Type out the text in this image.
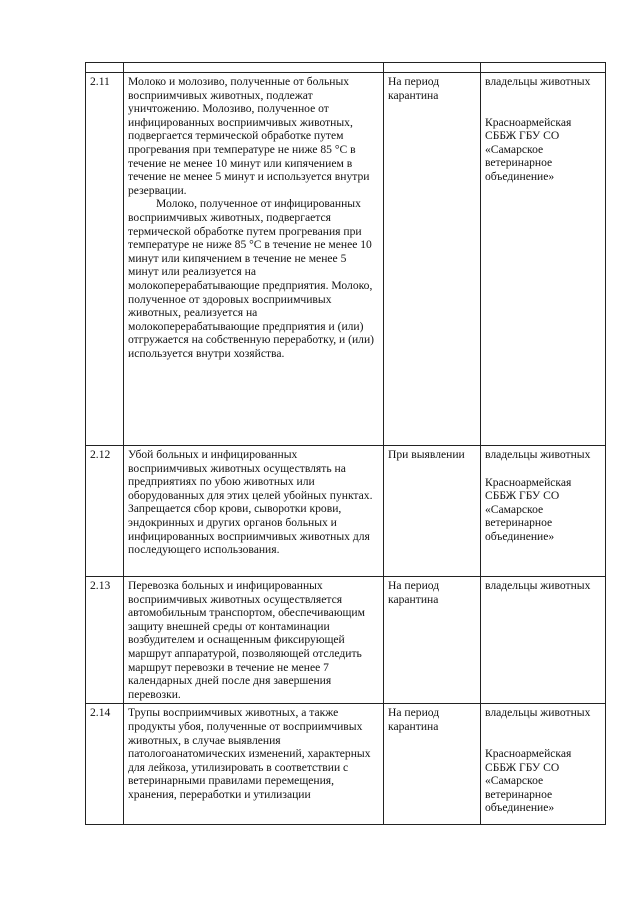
2.11	Молоко и молозиво, полученные от больных восприимчивых животных, подлежат уничтожению. Молозиво, полученное от инфицированных восприимчивых животных, подвергается термической обработке путем прогревания при температуре не ниже 85 °С в течение не менее 10 минут или кипячением в течение не менее 5 минут и используется внутри резервации.
Молоко, полученное от инфицированных восприимчивых животных, подвергается термической обработке путем прогревания при температуре не ниже 85 °С в течение не менее 10 минут или кипячением в течение не менее 5 минут или реализуется на молокоперерабатывающие предприятия. Молоко, полученное от здоровых восприимчивых животных, реализуется на молокоперерабатывающие предприятия и (или) отгружается на собственную переработку, и (или) используется внутри хозяйства.	На период карантина	владельцы животных
Красноармейская СББЖ ГБУ СО «Самарское ветеринарное объединение»

2.12	Убой больных и инфицированных восприимчивых животных осуществлять на предприятиях по убою животных или оборудованных для этих целей убойных пунктах. Запрещается сбор крови, сыворотки крови, эндокринных и других органов больных и инфицированных восприимчивых животных для последующего использования.	При выявлении	владельцы животных
Красноармейская СББЖ ГБУ СО «Самарское ветеринарное объединение»

2.13	Перевозка больных и инфицированных восприимчивых животных осуществляется автомобильным транспортом, обеспечивающим защиту внешней среды от контаминации возбудителем и оснащенным фиксирующей маршрут аппаратурой, позволяющей отследить маршрут перевозки в течение не менее 7 календарных дней после дня завершения перевозки.	На период карантина	владельцы животных

2.14	Трупы восприимчивых животных, а также продукты убоя, полученные от восприимчивых животных, в случае выявления патологоанатомических изменений, характерных для лейкоза, утилизировать в соответствии с ветеринарными правилами перемещения, хранения, переработки и утилизации	На период карантина	владельцы животных
Красноармейская СББЖ ГБУ СО «Самарское ветеринарное объединение»
